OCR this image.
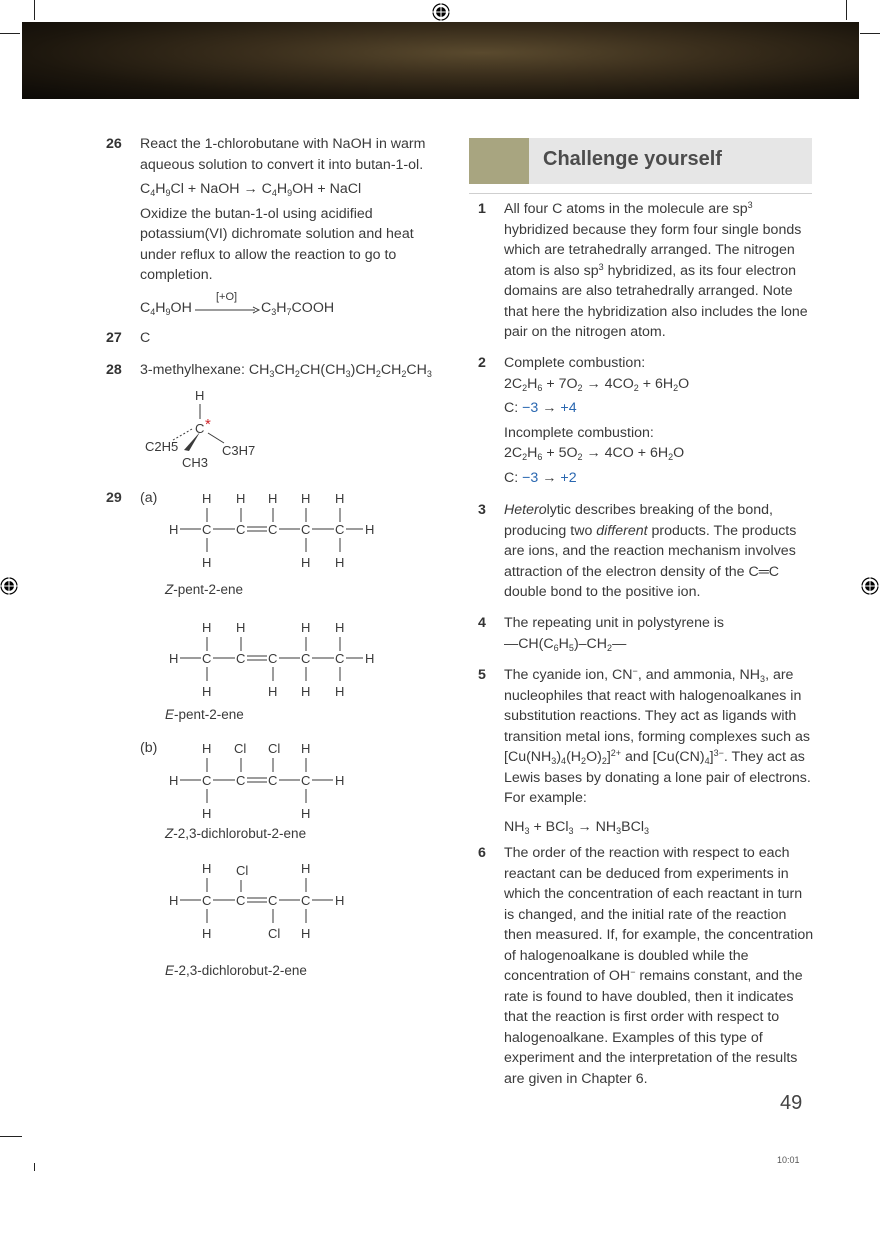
26 React the 1-chlorobutane with NaOH in warm aqueous solution to convert it into butan-1-ol.
$C_4H_9Cl$ + NaOH → $C_4H_9OH$ + NaCl
Oxidize the butan-1-ol using acidified potassium(VI) dichromate solution and heat under reflux to allow the reaction to go to completion.
$C_4H_9OH$
[+O]
$C_3H_7COOH$
27 C
28 3-methylhexane: $CH_3CH_2CH(CH_3)CH_2CH_2CH_3$
H
C *
C2H5	C3H7
CH3
29 (a)
(b)
H H H H H
H C C C C C H
H	H H
Z-pent-2-ene
H H	H H
H C C C C C H
H	H H H
E-pent-2-ene
H Cl Cl H
H C C C C H
H	H
Z-2,3-dichlorobut-2-ene
H Cl	H
H C C C C H
H	Cl H
E-2,3-dichlorobut-2-ene
Challenge yourself
1 All four C atoms in the molecule are $sp^3$ hybridized because they form four single bonds which are tetrahedrally arranged. The nitrogen atom is also $sp^3$ hybridized, as its four electron domains are also tetrahedrally arranged. Note that here the hybridization also includes the lone pair on the nitrogen atom.
2 Complete combustion:
$2C_2H_6 + 7O_2 \to 4CO_2 + 6H_2O$
C: −3 → +4
Incomplete combustion:
$2C_2H_6 + 5O_2 \to 4CO + 6H_2O$
C: −3 → +2
3 Heterolytic describes breaking of the bond, producing two different products. The products are ions, and the reaction mechanism involves attraction of the electron density of the C═C double bond to the positive ion.
4 The repeating unit in polystyrene is
$—CH(C_6H_5)-CH_2—$
5 The cyanide ion, CN−, and ammonia, $NH_3$, are nucleophiles that react with halogenoalkanes in substitution reactions. They act as ligands with transition metal ions, forming complexes such as $[Cu(NH_3)_4(H_2O)_2]^{2+}$ and $[Cu(CN)_4]^{3-}$. They act as Lewis bases by donating a lone pair of electrons. For example:
$NH_3 + BCl_3 \to NH_3BCl_3$
6 The order of the reaction with respect to each reactant can be deduced from experiments in which the concentration of each reactant in turn is changed, and the initial rate of the reaction then measured. If, for example, the concentration of halogenoalkane is doubled while the concentration of OH− remains constant, and the rate is found to have doubled, then it indicates that the reaction is first order with respect to halogenoalkane. Examples of this type of experiment and the interpretation of the results are given in Chapter 6.
49
10:01
